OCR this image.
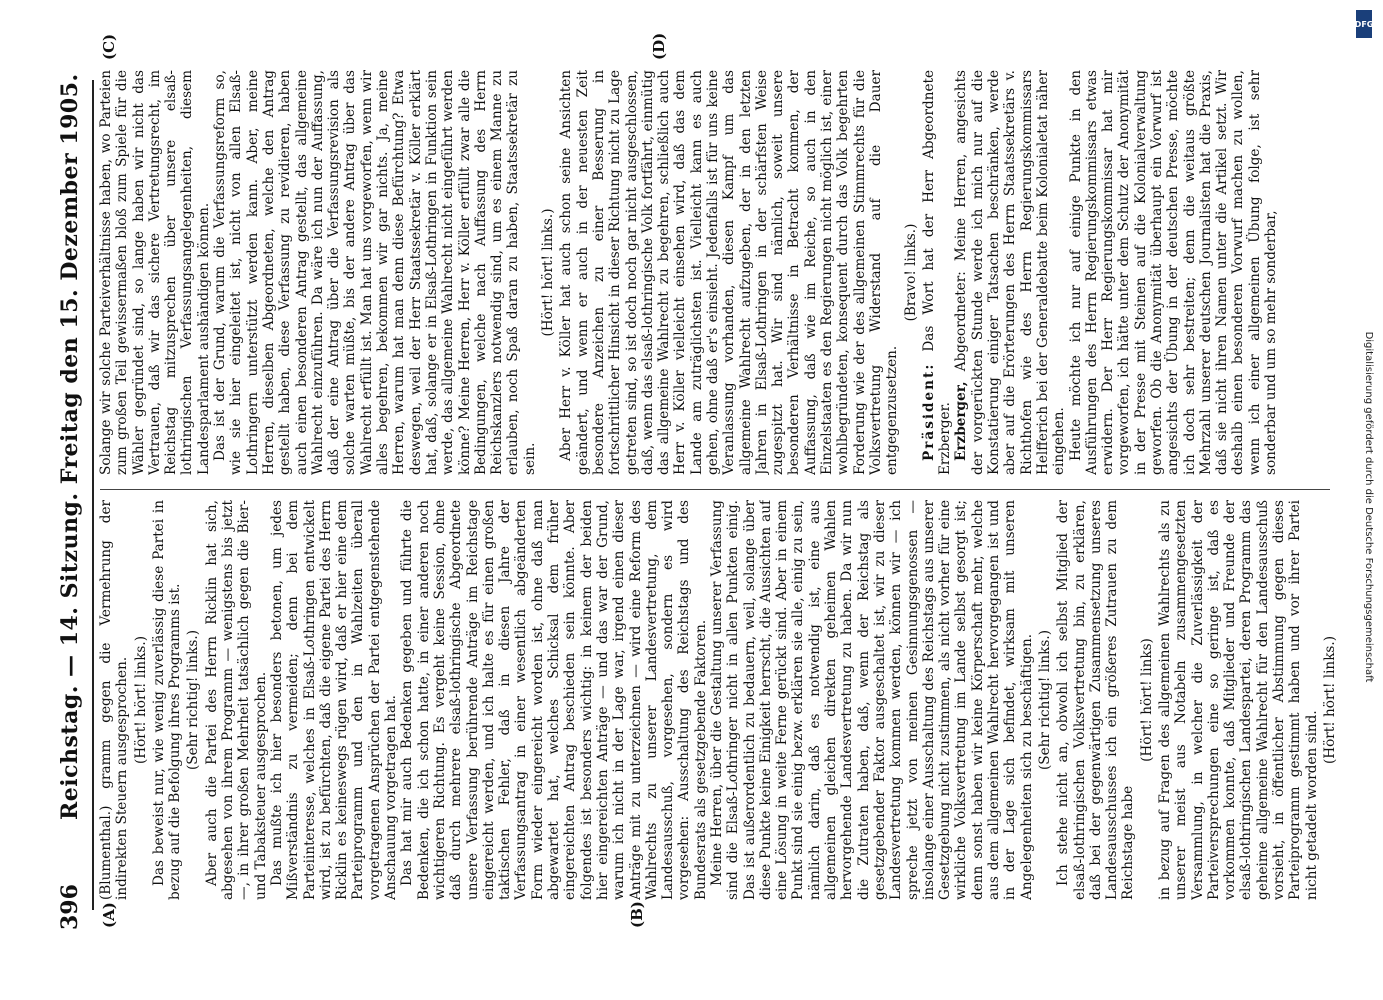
396
Reichstag. — 14. Sitzung. Freitag den 15. Dezember 1905.
(A)	(B)
(C)	(D)

(Blumenthal.) gramm gegen die Vermehrung der indirekten Steuern ausgesprochen. (Hört! hört! links.) Das beweist nur, wie wenig zuverlässig diese Partei in bezug auf die Befolgung ihres Programms ist. (Sehr richtig! links.) Aber auch die Partei des Herrn Ricklin hat sich, abgesehen von ihrem Programm — wenigstens bis jetzt —, in ihrer großen Mehrheit tatsächlich gegen die Bier- und Tabaksteuer ausgesprochen. Das mußte ich hier besonders betonen, um jedes Mißverständnis zu vermeiden; denn bei dem Parteiinteresse, welches in Elsaß-Lothringen entwickelt wird, ist zu befürchten, daß die eigene Partei des Herrn Ricklin es keineswegs rügen wird, daß er hier eine dem Parteiprogramm und den in Wahlzeiten überall vorgetragenen Ansprüchen der Partei entgegenstehende Anschauung vorgetragen hat. Das hat mir auch Bedenken gegeben und führte die Bedenken, die ich schon hatte, in einer anderen noch wichtigeren Richtung. Es vergeht keine Session, ohne daß durch mehrere elsaß-lothringische Abgeordnete unsere Verfassung berührende Anträge im Reichstage eingereicht werden, und ich halte es für einen großen taktischen Fehler, daß in diesen Jahre der Verfassungsantrag in einer wesentlich abgeänderten Form wieder eingereicht worden ist, ohne daß man abgewartet hat, welches Schicksal dem früher eingereichten Antrag beschieden sein könnte. Aber folgendes ist besonders wichtig: in keinem der beiden hier eingereichten Anträge — und das war der Grund, warum ich nicht in der Lage war, irgend einen dieser Anträge mit zu unterzeichnen — wird eine Reform des Wahlrechts zu unserer Landesvertretung, dem Landesausschuß, vorgesehen, sondern es wird vorgesehen: Ausschaltung des Reichstags und des Bundesrats als gesetzgebende Faktoren. Meine Herren, über die Gestaltung unserer Verfassung sind die Elsaß-Lothringer nicht in allen Punkten einig. Das ist außerordentlich zu bedauern, weil, solange über diese Punkte keine Einigkeit herrscht, die Aussichten auf eine Lösung in weite Ferne gerückt sind. Aber in einem Punkt sind sie einig bezw. erklären sie alle, einig zu sein, nämlich darin, daß es notwendig ist, eine aus allgemeinen gleichen direkten geheimen Wahlen hervorgehende Landesvertretung zu haben. Da wir nun die Zutraten haben, daß, wenn der Reichstag als gesetzgebender Faktor ausgeschaltet ist, wir zu dieser Landesvertretung kommen werden, können wir — ich spreche jetzt von meinen Gesinnungsgenossen — insolange einer Ausschaltung des Reichstags aus unserer Gesetzgebung nicht zustimmen, als nicht vorher für eine wirkliche Volksvertretung im Lande selbst gesorgt ist; denn sonst haben wir keine Körperschaft mehr, welche aus dem allgemeinen Wahlrecht hervorgegangen ist und in der Lage sich befindet, wirksam mit unseren Angelegenheiten sich zu beschäftigen. (Sehr richtig! links.) Ich stehe nicht an, obwohl ich selbst Mitglied der elsaß-lothringischen Volksvertretung bin, zu erklären, daß bei der gegenwärtigen Zusammensetzung unseres Landesausschusses ich ein größeres Zutrauen zu dem Reichstage habe

(Hört! hört! links) in bezug auf Fragen des allgemeinen Wahlrechts als zu unserer meist aus Notabeln zusammengesetzten Versammlung, in welcher die Zuverlässigkeit der Parteiversprechungen eine so geringe ist, daß es vorkommen konnte, daß Mitglieder und Freunde der elsaß-lothringischen Landespartei, deren Programm das geheime allgemeine Wahlrecht für den Landesausschuß vorsieht, in öffentlicher Abstimmung gegen dieses Parteiprogramm gestimmt haben und vor ihrer Partei nicht getadelt worden sind.

(Hört! hört! links.)

Solange wir solche Parteiverhältnisse haben, wo Parteien zum großen Teil gewissermaßen bloß zum Spiele für die Wähler gegründet sind, so lange haben wir nicht das Vertrauen, daß wir das sichere Vertretungsrecht, im Reichstag mitzusprechen über unsere elsaß-lothringischen Verfassungsangelegenheiten, diesem Landesparlament aushändigen können. Das ist der Grund, warum die Verfassungsreform so, wie sie hier eingeleitet ist, nicht von allen Elsaß-Lothringern unterstützt werden kann. Aber, meine Herren, dieselben Abgeordneten, welche den Antrag gestellt haben, diese Verfassung zu revidieren, haben auch einen besonderen Antrag gestellt, das allgemeine Wahlrecht einzuführen. Da wäre ich nun der Auffassung, daß der eine Antrag über die Verfassungsrevision als solche warten müßte, bis der andere Antrag über das Wahlrecht erfüllt ist. Man hat uns vorgeworfen, wenn wir alles begehren, bekommen wir gar nichts. Ja, meine Herren, warum hat man denn diese Befürchtung? Etwa deswegen, weil der Herr Staatssekretär v. Köller erklärt hat, daß, solange er in Elsaß-Lothringen in Funktion sein werde, das allgemeine Wahlrecht nicht eingeführt werden könne? Meine Herren, Herr v. Köller erfüllt zwar alle die Bedingungen, welche nach Auffassung des Herrn Reichskanzlers notwendig sind, um es einem Manne zu erlauben, noch Spaß daran zu haben, Staatssekretär zu sein.

(Hört! hört! links.) Aber Herr v. Köller hat auch schon seine Ansichten geändert, und wenn er auch in der neuesten Zeit besondere Anzeichen zu einer Besserung in fortschrittlicher Hinsicht in dieser Richtung nicht zu Lage getreten sind, so ist doch noch gar nicht ausgeschlossen, daß, wenn das elsaß-lothringische Volk fortfährt, einmütig das allgemeine Wahlrecht zu begehren, schließlich auch Herr v. Köller vielleicht einsehen wird, daß das dem Lande am zuträglichsten ist. Vielleicht kann es auch gehen, ohne daß er's einsieht. Jedenfalls ist für uns keine Veranlassung vorhanden, diesen Kampf um das allgemeine Wahlrecht aufzugeben, der in den letzten Jahren in Elsaß-Lothringen in der schärfsten Weise zugespitzt hat. Wir sind nämlich, soweit unsere besonderen Verhältnisse in Betracht kommen, der Auffassung, daß wie im Reiche, so auch in den Einzelstaaten es den Regierungen nicht möglich ist, einer wohlbegründeten, konsequent durch das Volk begehrten Forderung wie der des allgemeinen Stimmrechts für die Volksvertretung Widerstand auf die Dauer entgegenzusetzen.

(Bravo! links.)

Präsident: Das Wort hat der Herr Abgeordnete Erzberger. Erzberger, Abgeordneter: Meine Herren, angesichts der vorgerückten Stunde werde ich mich nur auf die Konstatierung einiger Tatsachen beschränken, werde aber auf die Erörterungen des Herrn Staatssekretärs v. Richthofen wie des Herrn Regierungskommissars Helfferich bei der Generaldebatte beim Kolonialetat näher eingehen. Heute möchte ich nur auf einige Punkte in den Ausführungen des Herrn Regierungskommissars etwas erwidern. Der Herr Regierungskommissar hat mir vorgeworfen, ich hätte unter dem Schutz der Anonymität in der Presse mit Steinen auf die Kolonialverwaltung geworfen. Ob die Anonymität überhaupt ein Vorwurf ist angesichts der Übung in der deutschen Presse, möchte ich doch sehr bestreiten; denn die weitaus größte Mehrzahl unserer deutschen Journalisten hat die Praxis, daß sie nicht ihren Namen unter die Artikel setzt. Wir deshalb einen besonderen Vorwurf machen zu wollen, wenn ich einer allgemeinen Übung folge, ist sehr sonderbar und um so mehr sonderbar,

DFG
Digitalisierung gefördert durch die Deutsche Forschungsgemeinschaft
